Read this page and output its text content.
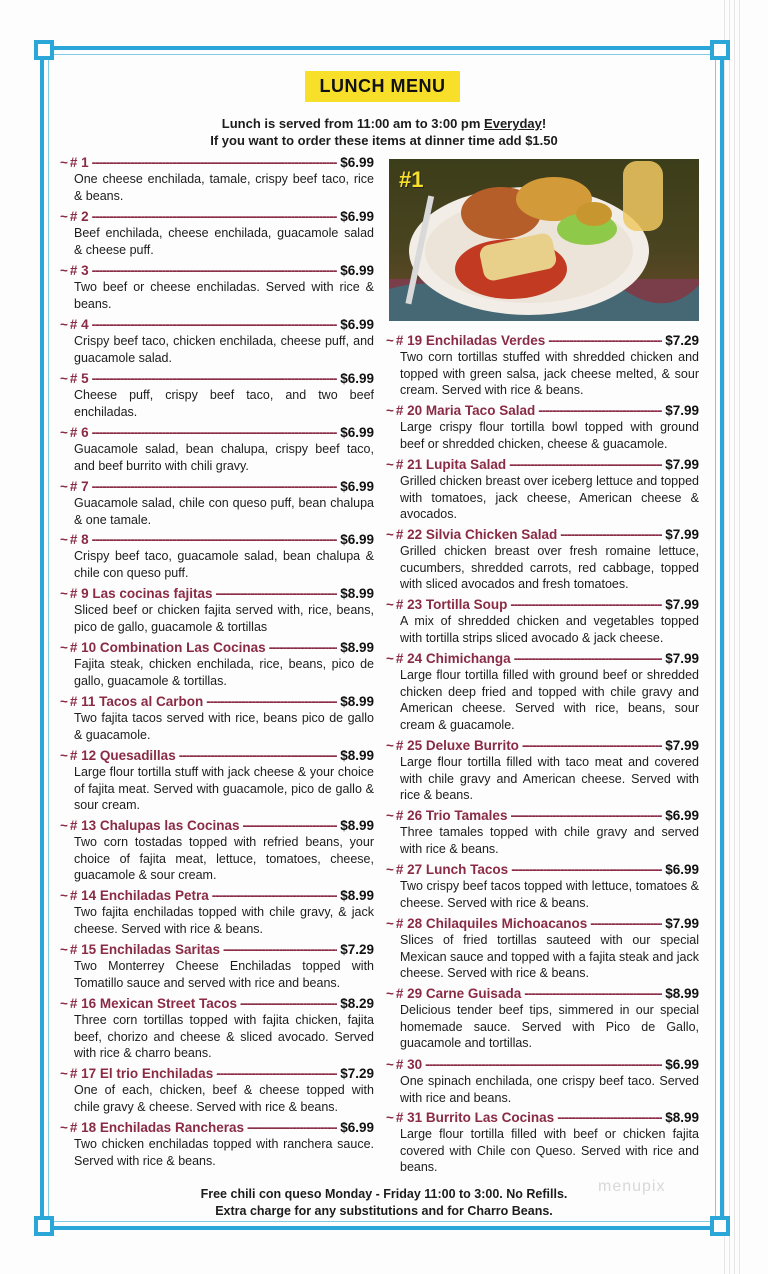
LUNCH MENU
Lunch is served from 11:00 am to 3:00 pm Everyday!
If you want to order these items at dinner time add $1.50
#1
~ # 1 -----	$6.99
One cheese enchilada, tamale, crispy beef taco, rice & beans.
~ # 2 -----	$6.99
Beef enchilada, cheese enchilada, guacamole salad & cheese puff.
~ # 3 -----	$6.99
Two beef or cheese enchiladas. Served with rice & beans.
~ # 4 -----	$6.99
Crispy beef taco, chicken enchilada, cheese puff, and guacamole salad.
~ # 5 -----	$6.99
Cheese puff, crispy beef taco, and two beef enchiladas.
~ # 6 -----	$6.99
Guacamole salad, bean chalupa, crispy beef taco, and beef burrito with chili gravy.
~ # 7 -----	$6.99
Guacamole salad, chile con queso puff, bean chalupa & one tamale.
~ # 8 -----	$6.99
Crispy beef taco, guacamole salad, bean chalupa & chile con queso puff.
~ # 9 Las cocinas fajitas -----	$8.99
Sliced beef or chicken fajita served with, rice, beans, pico de gallo, guacamole & tortillas
~ # 10 Combination Las Cocinas -----	$8.99
Fajita steak, chicken enchilada, rice, beans, pico de gallo, guacamole & tortillas.
~ # 11 Tacos al Carbon -----	$8.99
Two fajita tacos served with rice, beans pico de gallo & guacamole.
~ # 12 Quesadillas -----	$8.99
Large flour tortilla stuff with jack cheese & your choice of fajita meat. Served with guacamole, pico de gallo & sour cream.
~ # 13 Chalupas las Cocinas -----	$8.99
Two corn tostadas topped with refried beans, your choice of fajita meat, lettuce, tomatoes, cheese, guacamole & sour cream.
~ # 14 Enchiladas Petra -----	$8.99
Two fajita enchiladas topped with chile gravy, & jack cheese. Served with rice & beans.
~ # 15 Enchiladas Saritas -----	$7.29
Two Monterrey Cheese Enchiladas topped with Tomatillo sauce and served with rice and beans.
~ # 16 Mexican Street Tacos -----	$8.29
Three corn tortillas topped with fajita chicken, fajita beef, chorizo and cheese & sliced avocado. Served with rice & charro beans.
~ # 17 El trio Enchiladas -----	$7.29
One of each, chicken, beef & cheese topped with chile gravy & cheese. Served with rice & beans.
~ # 18 Enchiladas Rancheras -----	$6.99
Two chicken enchiladas topped with ranchera sauce. Served with rice & beans.
~ # 19 Enchiladas Verdes -----	$7.29
Two corn tortillas stuffed with shredded chicken and topped with green salsa, jack cheese melted, & sour cream. Served with rice & beans.
~ # 20 Maria Taco Salad -----	$7.99
Large crispy flour tortilla bowl topped with ground beef or shredded chicken, cheese & guacamole.
~ # 21 Lupita Salad -----	$7.99
Grilled chicken breast over iceberg lettuce and topped with tomatoes, jack cheese, American cheese & avocados.
~ # 22 Silvia Chicken Salad -----	$7.99
Grilled chicken breast over fresh romaine lettuce, cucumbers, shredded carrots, red cabbage, topped with sliced avocados and fresh tomatoes.
~ # 23 Tortilla Soup -----	$7.99
A mix of shredded chicken and vegetables topped with tortilla strips sliced avocado & jack cheese.
~ # 24 Chimichanga -----	$7.99
Large flour tortilla filled with ground beef or shredded chicken deep fried and topped with chile gravy and American cheese. Served with rice, beans, sour cream & guacamole.
~ # 25 Deluxe Burrito -----	$7.99
Large flour tortilla filled with taco meat and covered with chile gravy and American cheese. Served with rice & beans.
~ # 26 Trio Tamales -----	$6.99
Three tamales topped with chile gravy and served with rice & beans.
~ # 27 Lunch Tacos -----	$6.99
Two crispy beef tacos topped with lettuce, tomatoes & cheese. Served with rice & beans.
~ # 28 Chilaquiles Michoacanos -----	$7.99
Slices of fried tortillas sauteed with our special Mexican sauce and topped with a fajita steak and jack cheese. Served with rice & beans.
~ # 29 Carne Guisada -----	$8.99
Delicious tender beef tips, simmered in our special homemade sauce. Served with Pico de Gallo, guacamole and tortillas.
~ # 30 -----	$6.99
One spinach enchilada, one crispy beef taco. Served with rice and beans.
~ # 31 Burrito Las Cocinas -----	$8.99
Large flour tortilla filled with beef or chicken fajita covered with Chile con Queso. Served with rice and beans.
Free chili con queso Monday - Friday 11:00 to 3:00. No Refills.
Extra charge for any substitutions and for Charro Beans.
menupix
